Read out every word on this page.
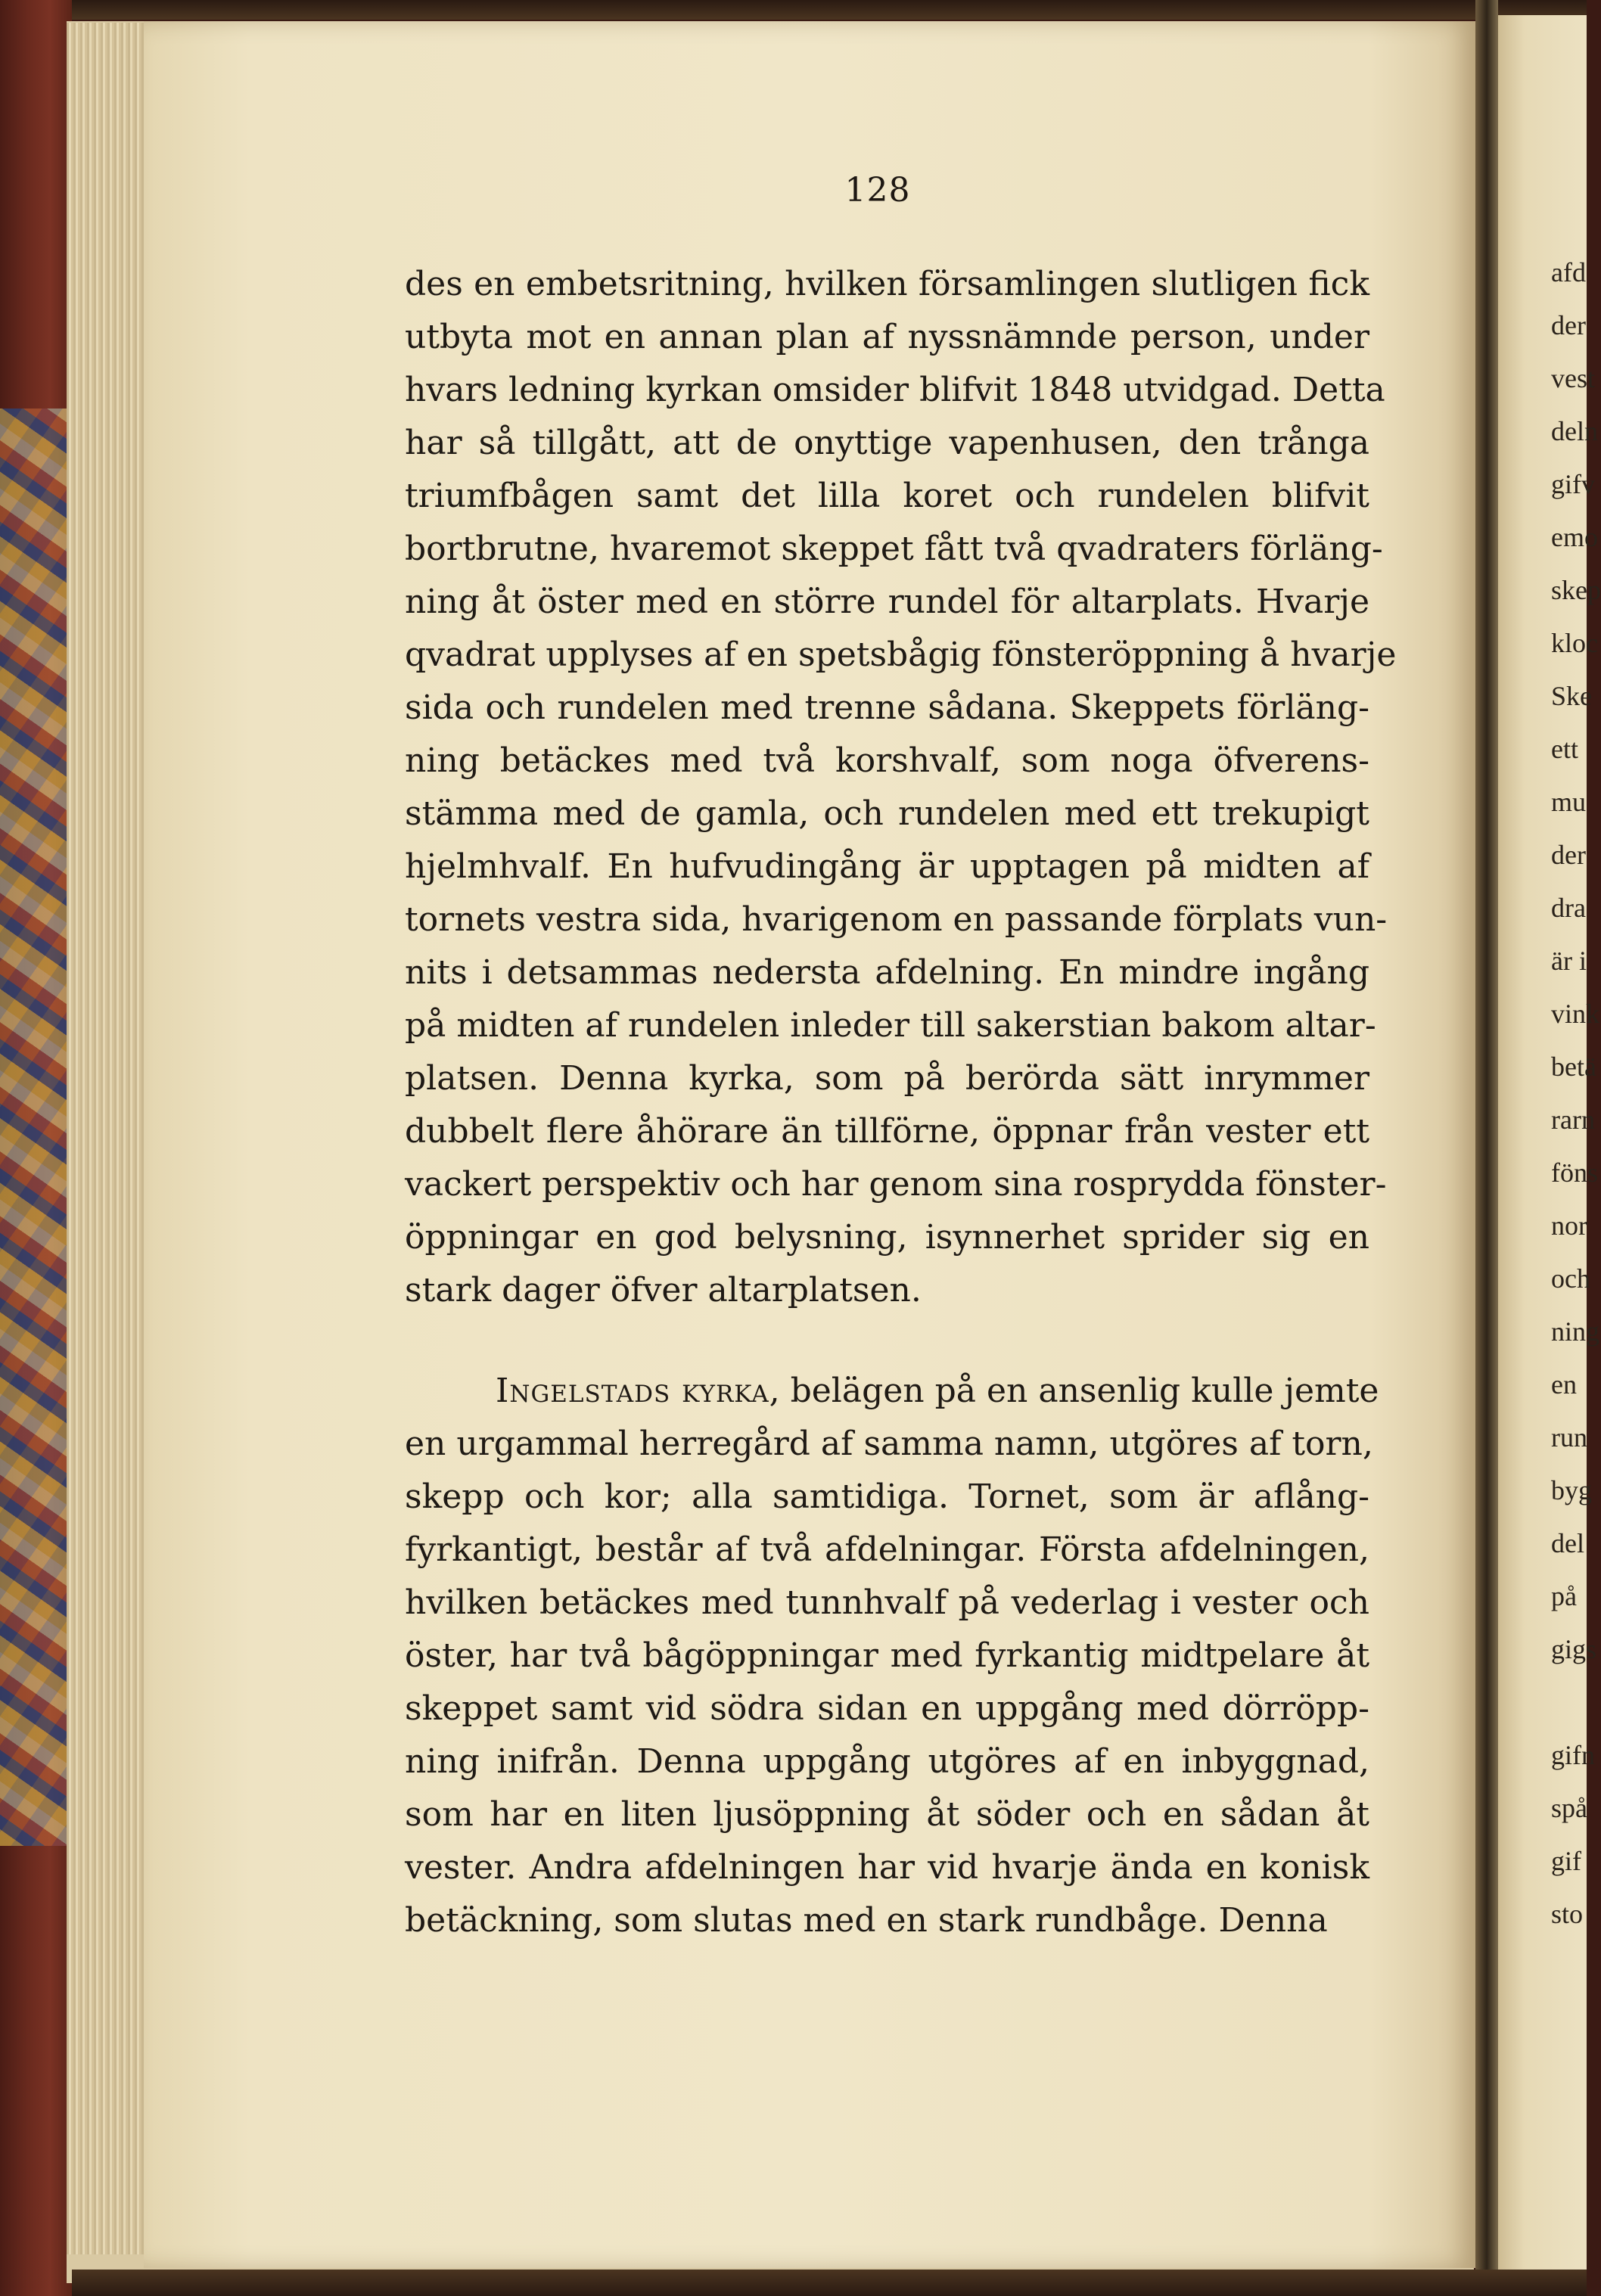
128

des en embetsritning, hvilken församlingen slutligen fick

utbyta mot en annan plan af nyssnämnde person, under

hvars ledning kyrkan omsider blifvit 1848 utvidgad. Detta

har så tillgått, att de onyttige vapenhusen, den trånga

triumfbågen samt det lilla koret och rundelen blifvit

bortbrutne, hvaremot skeppet fått två qvadraters förläng-

ning åt öster med en större rundel för altarplats. Hvarje

qvadrat upplyses af en spetsbågig fönsteröppning å hvarje

sida och rundelen med trenne sådana. Skeppets förläng-

ning betäckes med två korshvalf, som noga öfverens-

stämma med de gamla, och rundelen med ett trekupigt

hjelmhvalf. En hufvudingång är upptagen på midten af

tornets vestra sida, hvarigenom en passande förplats vun-

nits i detsammas nedersta afdelning. En mindre ingång

på midten af rundelen inleder till sakerstian bakom altar-

platsen. Denna kyrka, som på berörda sätt inrymmer

dubbelt flere åhörare än tillförne, öppnar från vester ett

vackert perspektiv och har genom sina rosprydda fönster-

öppningar en god belysning, isynnerhet sprider sig en

stark dager öfver altarplatsen.

Ingelstads kyrka, belägen på en ansenlig kulle jemte

en urgammal herregård af samma namn, utgöres af torn,

skepp och kor; alla samtidiga. Tornet, som är aflång-

fyrkantigt, består af två afdelningar. Första afdelningen,

hvilken betäckes med tunnhvalf på vederlag i vester och

öster, har två bågöppningar med fyrkantig midtpelare åt

skeppet samt vid södra sidan en uppgång med dörröpp-

ning inifrån. Denna uppgång utgöres af en inbyggnad,

som har en liten ljusöppning åt söder och en sådan åt

vester. Andra afdelningen har vid hvarje ända en konisk

betäckning, som slutas med en stark rundbåge. Denna

afd
der
vest
deln
gifv
emo
skep
kloc
Ske
ett
mu
der
dra
är i
vink
betä
rarn
föns
nor
och
ning
en
run
byg
del
på
gigs
gifn
spå
gif
sto
